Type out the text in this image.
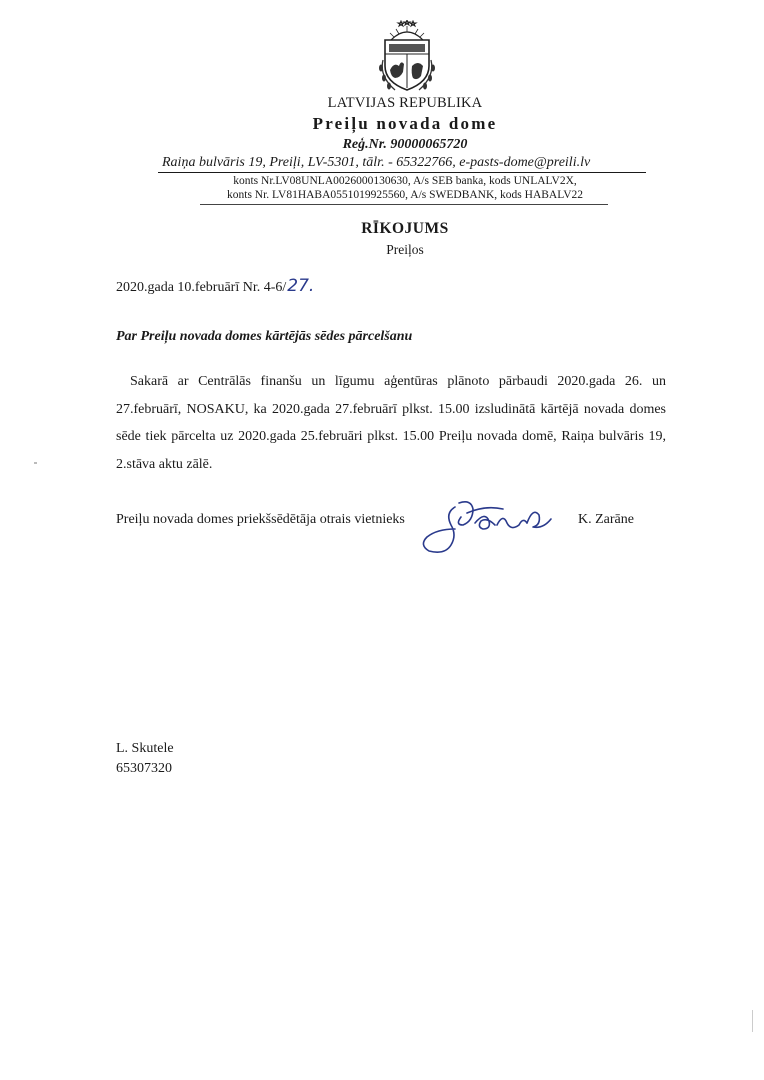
LATVIJAS REPUBLIKA
Preiļu novada dome
Reģ.Nr. 90000065720
Raiņa bulvāris 19, Preiļi, LV-5301, tālr. - 65322766, e-pasts-dome@preili.lv
konts Nr.LV08UNLA0026000130630, A/s SEB banka, kods UNLALV2X,
konts Nr. LV81HABA0551019925560, A/s SWEDBANK, kods HABALV22
RĪKOJUMS
Preiļos
2020.gada 10.februārī Nr. 4-6/27.
Par Preiļu novada domes kārtējās sēdes pārcelšanu
Sakarā ar Centrālās finanšu un līgumu aģentūras plānoto pārbaudi 2020.gada 26. un 27.februārī, NOSAKU, ka 2020.gada 27.februārī plkst. 15.00 izsludinātā kārtējā novada domes sēde tiek pārcelta uz 2020.gada 25.februāri plkst. 15.00 Preiļu novada domē, Raiņa bulvāris 19, 2.stāva aktu zālē.
Preiļu novada domes priekšsēdētāja otrais vietnieks	K. Zarāne
L. Skutele
65307320
